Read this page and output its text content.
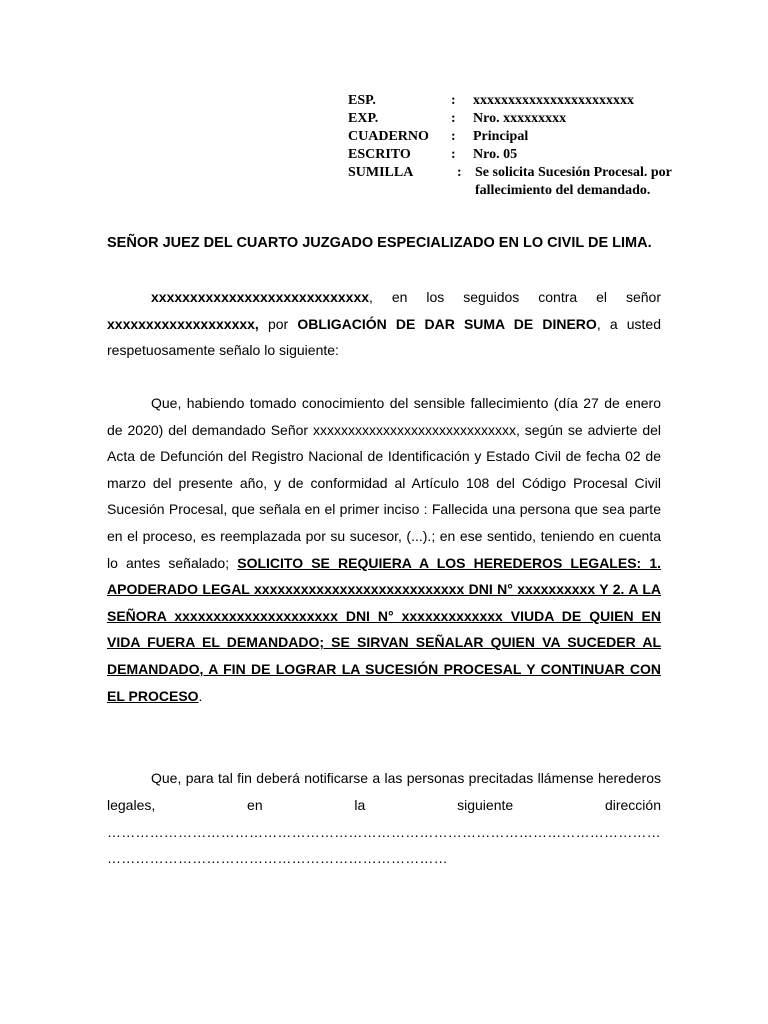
ESP.	:	xxxxxxxxxxxxxxxxxxxxxxx
EXP.	:	Nro. xxxxxxxxx
CUADERNO	:	Principal
ESCRITO	:	Nro. 05
SUMILLA	: Se solicita Sucesión Procesal. por fallecimiento del demandado.
SEÑOR JUEZ DEL CUARTO JUZGADO ESPECIALIZADO EN LO CIVIL DE LIMA.
xxxxxxxxxxxxxxxxxxxxxxxxxxxx, en los seguidos contra el señor xxxxxxxxxxxxxxxxxxx, por OBLIGACIÓN DE DAR SUMA DE DINERO, a usted respetuosamente señalo lo siguiente:
Que, habiendo tomado conocimiento del sensible fallecimiento (día 27 de enero de 2020) del demandado Señor xxxxxxxxxxxxxxxxxxxxxxxxxxxxx, según se advierte del Acta de Defunción del Registro Nacional de Identificación y Estado Civil de fecha 02 de marzo del presente año, y de conformidad al Artículo 108 del Código Procesal Civil Sucesión Procesal, que señala en el primer inciso : Fallecida una persona que sea parte en el proceso, es reemplazada por su sucesor, (...).; en ese sentido, teniendo en cuenta lo antes señalado; SOLICITO SE REQUIERA A LOS HEREDEROS LEGALES: 1. APODERADO LEGAL xxxxxxxxxxxxxxxxxxxxxxxxxxx DNI N° xxxxxxxxxx Y 2. A LA SEÑORA xxxxxxxxxxxxxxxxxxxxx DNI N° xxxxxxxxxxxxx VIUDA DE QUIEN EN VIDA FUERA EL DEMANDADO; SE SIRVAN SEÑALAR QUIEN VA SUCEDER AL DEMANDADO, A FIN DE LOGRAR LA SUCESIÓN PROCESAL Y CONTINUAR CON EL PROCESO.
Que, para tal fin deberá notificarse a las personas precitadas llámense herederos legales, en la siguiente dirección
………………………………………………………………………………………………………
………………………………………………………………
